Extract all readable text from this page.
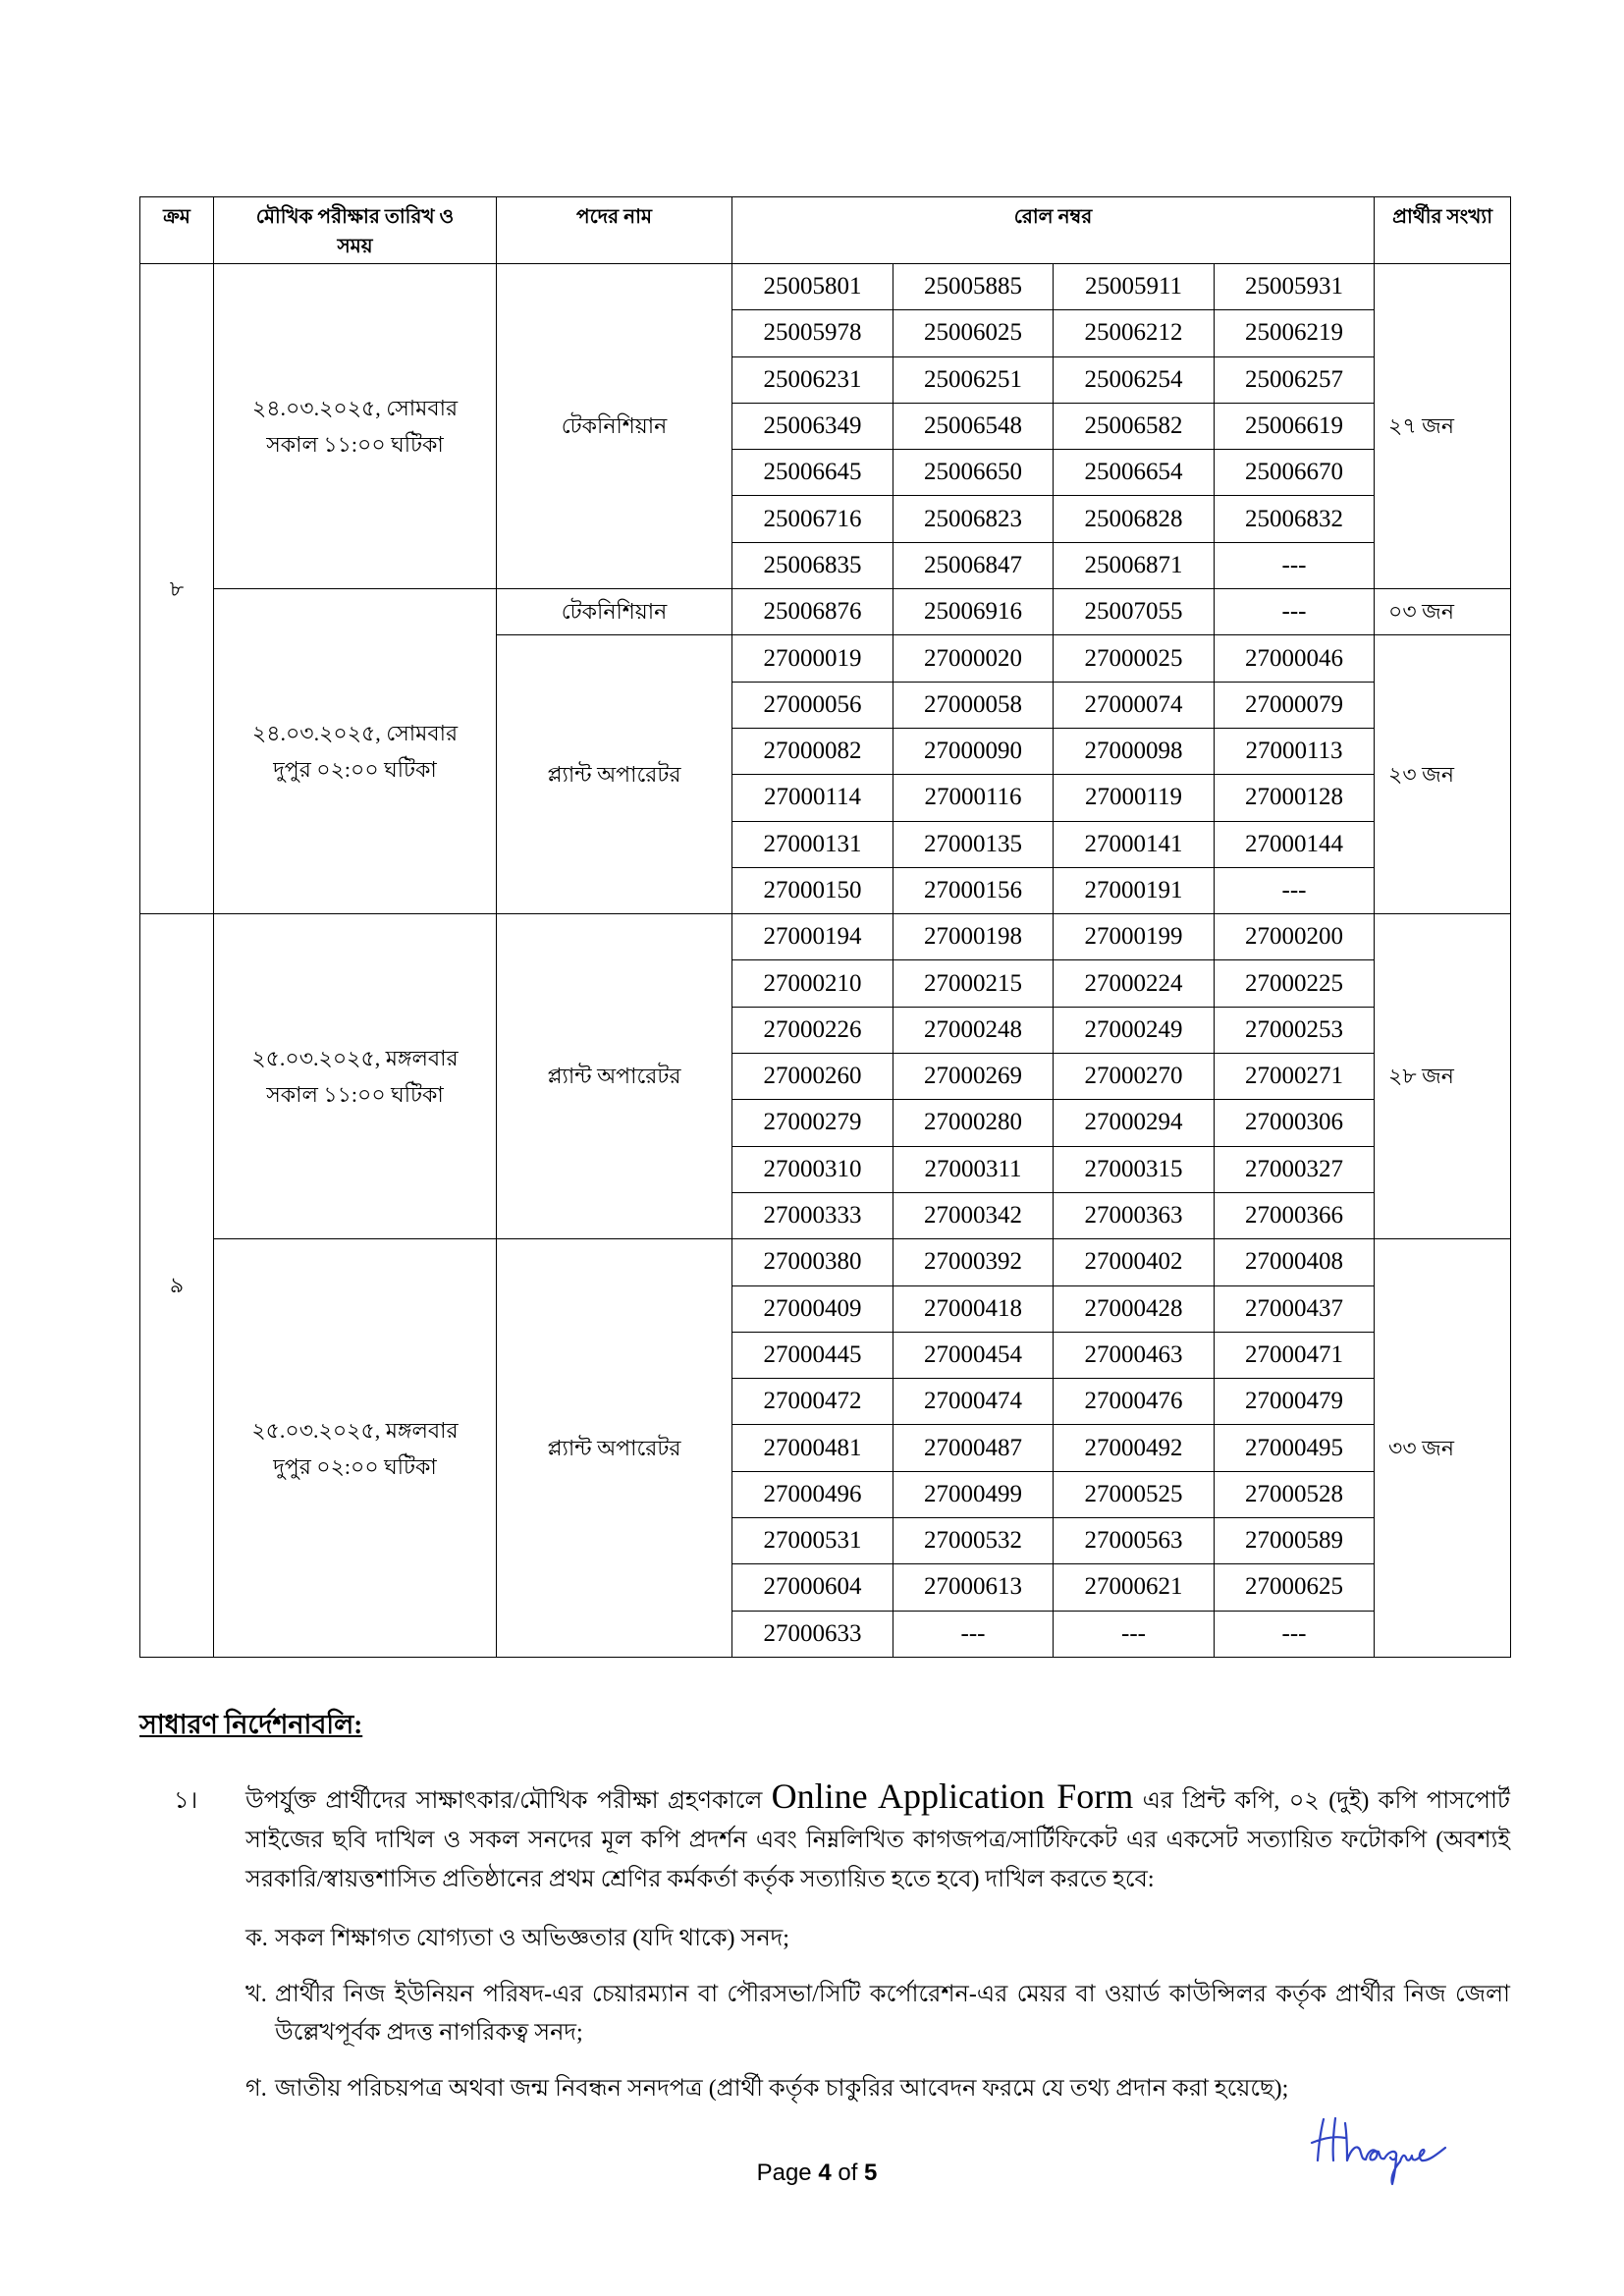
ক্রম	মৌখিক পরীক্ষার তারিখ ও সময়	পদের নাম	রোল নম্বর				প্রার্থীর সংখ্যা
৮	২৪.০৩.২০২৫, সোমবার
সকাল ১১:০০ ঘটিকা	টেকনিশিয়ান	25005801	25005885	25005911	25005931	২৭ জন
			25005978	25006025	25006212	25006219	
			25006231	25006251	25006254	25006257	
			25006349	25006548	25006582	25006619	
			25006645	25006650	25006654	25006670	
			25006716	25006823	25006828	25006832	
			25006835	25006847	25006871	---	

	২৪.০৩.২০২৫, সোমবার
দুপুর ০২:০০ ঘটিকা	টেকনিশিয়ান	25006876	25006916	25007055	---	০৩ জন
		প্ল্যান্ট অপারেটর	27000019	27000020	27000025	27000046	২৩ জন
			27000056	27000058	27000074	27000079	
			27000082	27000090	27000098	27000113	
			27000114	27000116	27000119	27000128	
			27000131	27000135	27000141	27000144	
			27000150	27000156	27000191	---	
৯	২৫.০৩.২০২৫, মঙ্গলবার
সকাল ১১:০০ ঘটিকা	প্ল্যান্ট অপারেটর	27000194	27000198	27000199	27000200	২৮ জন
			27000210	27000215	27000224	27000225	
			27000226	27000248	27000249	27000253	
			27000260	27000269	27000270	27000271	
			27000279	27000280	27000294	27000306	
			27000310	27000311	27000315	27000327	
			27000333	27000342	27000363	27000366	

	২৫.০৩.২০২৫, মঙ্গলবার
দুপুর ০২:০০ ঘটিকা	প্ল্যান্ট অপারেটর	27000380	27000392	27000402	27000408	৩৩ জন
			27000409	27000418	27000428	27000437	
			27000445	27000454	27000463	27000471	
			27000472	27000474	27000476	27000479	
			27000481	27000487	27000492	27000495	
			27000496	27000499	27000525	27000528	
			27000531	27000532	27000563	27000589	
			27000604	27000613	27000621	27000625	
			27000633	---	---	---	
সাধারণ নির্দেশনাবলি:
১।	উপর্যুক্ত প্রার্থীদের সাক্ষাৎকার/মৌখিক পরীক্ষা গ্রহণকালে Online Application Form এর প্রিন্ট কপি, ০২ (দুই) কপি পাসপোর্ট সাইজের ছবি দাখিল ও সকল সনদের মূল কপি প্রদর্শন এবং নিম্নলিখিত কাগজপত্র/সার্টিফিকেট এর একসেট সত্যায়িত ফটোকপি (অবশ্যই সরকারি/স্বায়ত্তশাসিত প্রতিষ্ঠানের প্রথম শ্রেণির কর্মকর্তা কর্তৃক সত্যায়িত হতে হবে) দাখিল করতে হবে:

ক. সকল শিক্ষাগত যোগ্যতা ও অভিজ্ঞতার (যদি থাকে) সনদ;
খ. প্রার্থীর নিজ ইউনিয়ন পরিষদ-এর চেয়ারম্যান বা পৌরসভা/সিটি কর্পোরেশন-এর মেয়র বা ওয়ার্ড কাউন্সিলর কর্তৃক প্রার্থীর নিজ জেলা উল্লেখপূর্বক প্রদত্ত নাগরিকত্ব সনদ;
গ. জাতীয় পরিচয়পত্র অথবা জন্ম নিবন্ধন সনদপত্র (প্রার্থী কর্তৃক চাকুরির আবেদন ফরমে যে তথ্য প্রদান করা হয়েছে);
Page 4 of 5
